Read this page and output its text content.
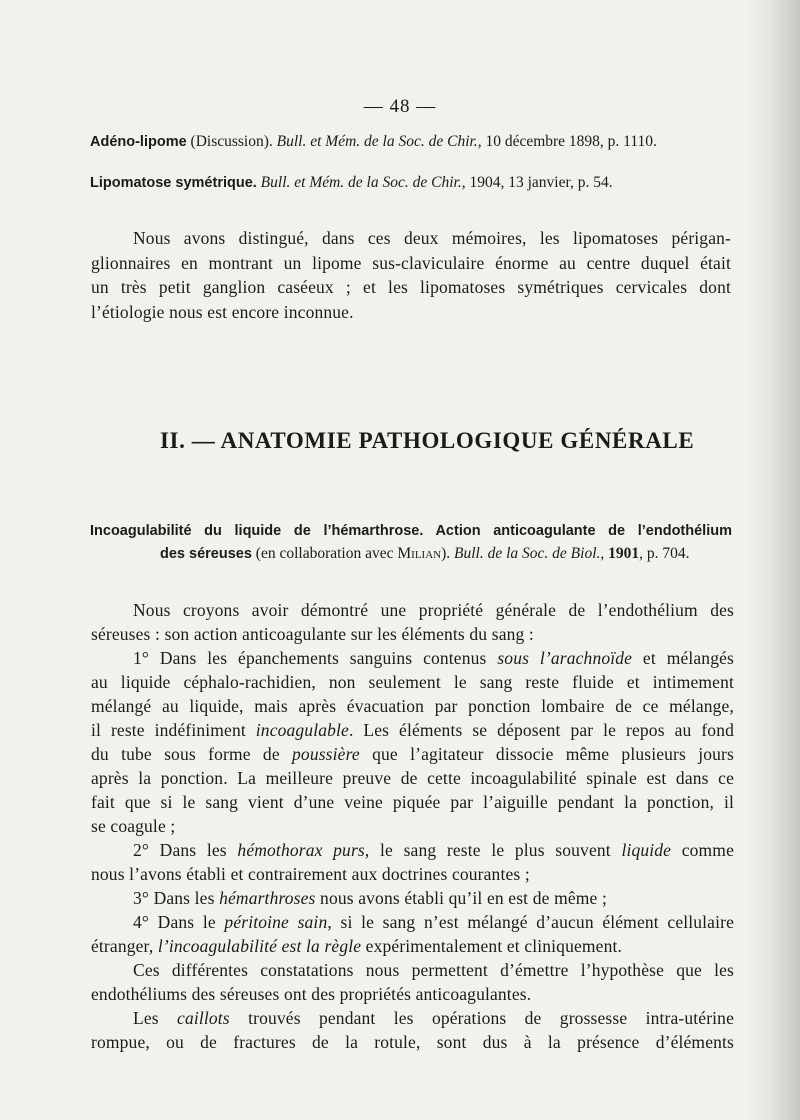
— 48 —
Adéno-lipome (Discussion). Bull. et Mém. de la Soc. de Chir., 10 décembre 1898, p. 1110.
Lipomatose symétrique. Bull. et Mém. de la Soc. de Chir., 1904, 13 janvier, p. 54.
Nous avons distingué, dans ces deux mémoires, les lipomatoses périgan-
glionnaires en montrant un lipome sus-claviculaire énorme au centre duquel était
un très petit ganglion caséeux ; et les lipomatoses symétriques cervicales dont
l’étiologie nous est encore inconnue.
II. — ANATOMIE PATHOLOGIQUE GÉNÉRALE
Incoagulabilité du liquide de l’hémarthrose. Action anticoagulante de l’endothélium
des séreuses (en collaboration avec Milian). Bull. de la Soc. de Biol., 1901, p. 704.
Nous croyons avoir démontré une propriété générale de l’endothélium des
séreuses : son action anticoagulante sur les éléments du sang :
1° Dans les épanchements sanguins contenus sous l’arachnoïde et mélangés
au liquide céphalo-rachidien, non seulement le sang reste fluide et intimement
mélangé au liquide, mais après évacuation par ponction lombaire de ce mélange,
il reste indéfiniment incoagulable. Les éléments se déposent par le repos au fond
du tube sous forme de poussière que l’agitateur dissocie même plusieurs jours
après la ponction. La meilleure preuve de cette incoagulabilité spinale est dans ce
fait que si le sang vient d’une veine piquée par l’aiguille pendant la ponction, il
se coagule ;
2° Dans les hémothorax purs, le sang reste le plus souvent liquide comme
nous l’avons établi et contrairement aux doctrines courantes ;
3° Dans les hémarthroses nous avons établi qu’il en est de même ;
4° Dans le péritoine sain, si le sang n’est mélangé d’aucun élément cellulaire
étranger, l’incoagulabilité est la règle expérimentalement et cliniquement.
Ces différentes constatations nous permettent d’émettre l’hypothèse que les
endothéliums des séreuses ont des propriétés anticoagulantes.
Les caillots trouvés pendant les opérations de grossesse intra-utérine
rompue, ou de fractures de la rotule, sont dus à la présence d’éléments
